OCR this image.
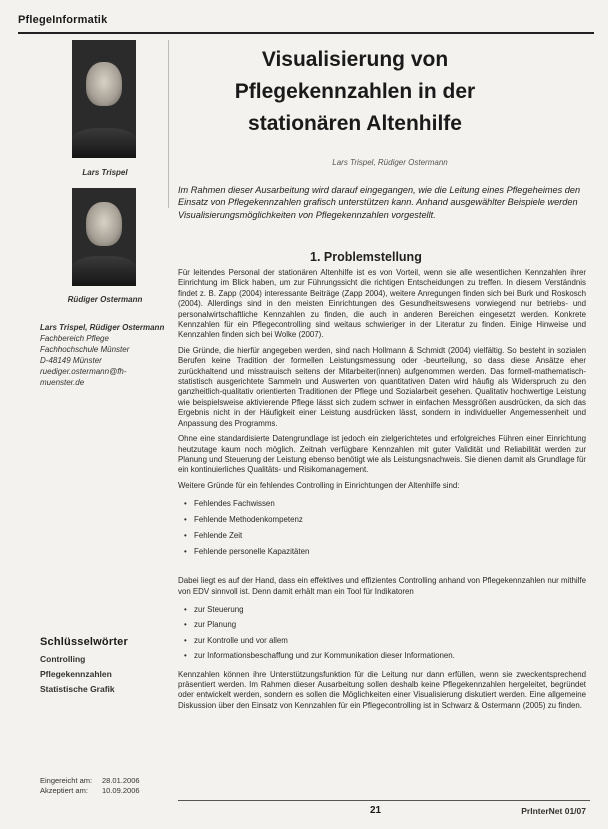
PflegeInformatik
Lars Trispel
Rüdiger Ostermann
Lars Trispel, Rüdiger Ostermann
Fachbereich Pflege
Fachhochschule Münster
D-48149 Münster
ruediger.ostermann@fh-
muenster.de
Visualisierung von Pflegekennzahlen in der stationären Altenhilfe
Lars Trispel, Rüdiger Ostermann
Im Rahmen dieser Ausarbeitung wird darauf eingegangen, wie die Leitung eines Pflegeheimes den Einsatz von Pflegekennzahlen grafisch unterstützen kann. Anhand ausgewählter Beispiele werden Visualisierungsmöglichkeiten von Pflegekennzahlen vorgestellt.
1. Problemstellung

Für leitendes Personal der stationären Altenhilfe ist es von Vorteil, wenn sie alle wesentlichen Kennzahlen ihrer Einrichtung im Blick haben, um zur Führungssicht die richtigen Entscheidungen zu treffen. In diesem Verständnis findet z. B. Zapp (2004) interessante Beiträge (Zapp 2004), weitere Anregungen finden sich bei Burk und Roskosch (2004). Allerdings sind in den meisten Einrichtungen des Gesundheitswesens vorwiegend nur betriebs- und personalwirtschaftliche Kennzahlen zu finden, die auch in anderen Bereichen eingesetzt werden. Konkrete Kennzahlen für ein Pflegecontrolling sind weitaus schwieriger in der Literatur zu finden. Einige Hinweise und Kennzahlen finden sich bei Wolke (2007).

Die Gründe, die hierfür angegeben werden, sind nach Hollmann & Schmidt (2004) vielfältig. So besteht in sozialen Berufen keine Tradition der formellen Leistungsmessung oder -beurteilung, so dass diese Ansätze eher zurückhaltend und misstrauisch seitens der Mitarbeiter(innen) aufgenommen werden. Das formell-mathematisch-statistisch ausgerichtete Sammeln und Auswerten von quantitativen Daten wird häufig als Widerspruch zu den ganzheitlich-qualitativ orientierten Traditionen der Pflege und Sozialarbeit gesehen. Qualitativ hochwertige Leistung wie beispielsweise aktivierende Pflege lässt sich zudem schwer in einfachen Messgrößen ausdrücken, da sich das Ergebnis nicht in der Häufigkeit einer Leistung ausdrücken lässt, sondern in individueller Angemessenheit und Anpassung des Programms.

Ohne eine standardisierte Datengrundlage ist jedoch ein zielgerichtetes und erfolgreiches Führen einer Einrichtung heutzutage kaum noch möglich. Zeitnah verfügbare Kennzahlen mit guter Validität und Reliabilität werden zur Planung und Steuerung der Leistung ebenso benötigt wie als Leistungsnachweis. Sie dienen damit als Grundlage für ein kontinuierliches Qualitäts- und Risikomanagement.

Weitere Gründe für ein fehlendes Controlling in Einrichtungen der Altenhilfe sind:

• Fehlendes Fachwissen
• Fehlende Methodenkompetenz
• Fehlende Zeit
• Fehlende personelle Kapazitäten

Dabei liegt es auf der Hand, dass ein effektives und effizientes Controlling anhand von Pflegekennzahlen nur mithilfe von EDV sinnvoll ist. Denn damit erhält man ein Tool für Indikatoren

• zur Steuerung
• zur Planung
• zur Kontrolle und vor allem
• zur Informationsbeschaffung und zur Kommunikation dieser Informationen.

Kennzahlen können ihre Unterstützungsfunktion für die Leitung nur dann erfüllen, wenn sie zweckentsprechend präsentiert werden. Im Rahmen dieser Ausarbeitung sollen deshalb keine Pflegekennzahlen hergeleitet, begründet oder entwickelt werden, sondern es sollen die Möglichkeiten einer Visualisierung diskutiert werden. Eine allgemeine Diskussion über den Einsatz von Kennzahlen für ein Pflegecontrolling ist in Schwarz & Ostermann (2005) zu finden.

Schlüsselwörter
Controlling
Pflegekennzahlen
Statistische Grafik
Eingereicht am: 28.01.2006
Akzeptiert am: 10.09.2006
21	PrInterNet 01/07
